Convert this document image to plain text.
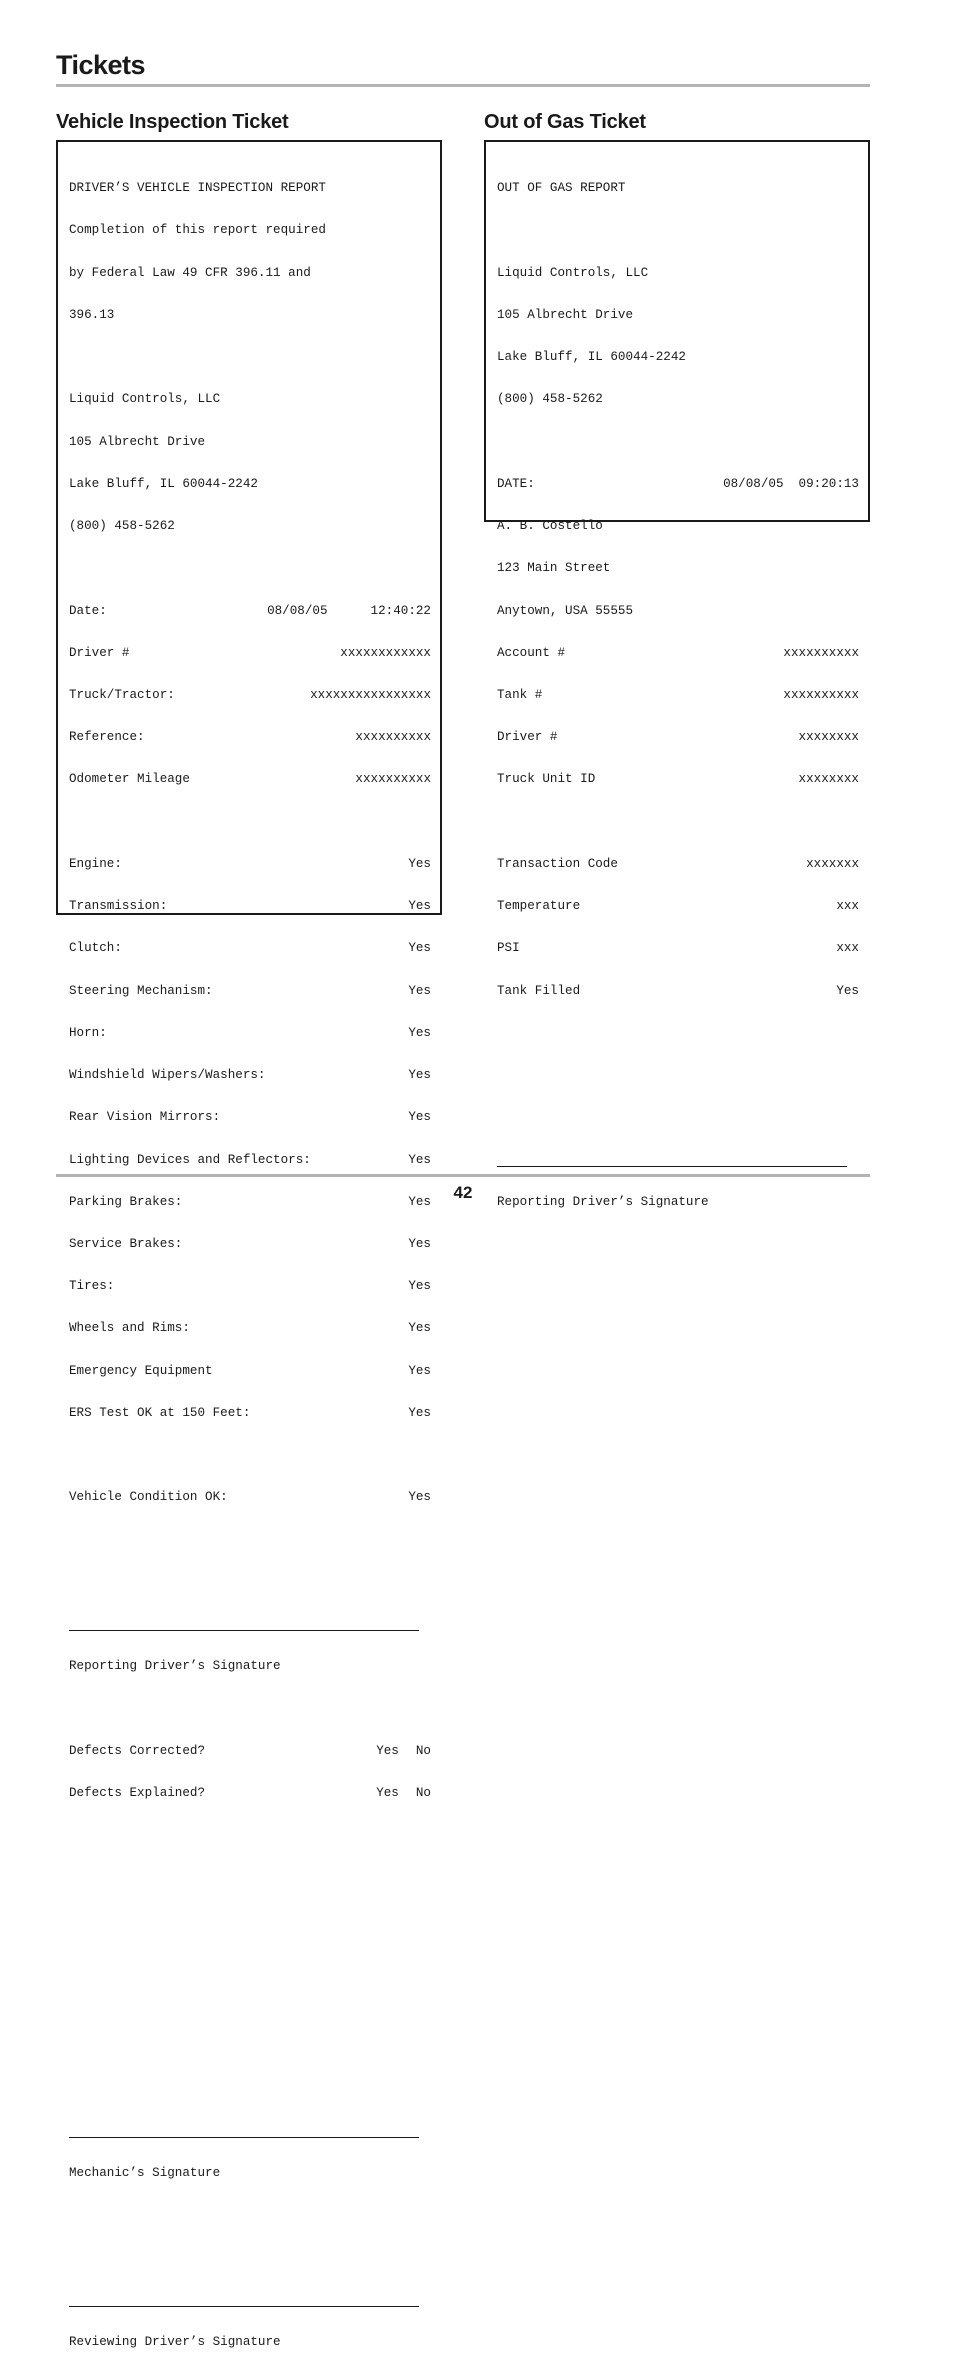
Tickets
Vehicle Inspection Ticket

DRIVER’S VEHICLE INSPECTION REPORT

Completion of this report required

by Federal Law 49 CFR 396.11 and

396.13

Liquid Controls, LLC

105 Albrecht Drive

Lake Bluff, IL 60044-2242

(800) 458-5262

Date:	08/08/05	12:40:22

Driver #	xxxxxxxxxxxx

Truck/Tractor:	xxxxxxxxxxxxxxxx

Reference:	xxxxxxxxxx

Odometer Mileage	xxxxxxxxxx

Engine:	Yes

Transmission:	Yes

Clutch:	Yes

Steering Mechanism:	Yes

Horn:	Yes

Windshield Wipers/Washers:	Yes

Rear Vision Mirrors:	Yes

Lighting Devices and Reflectors:	Yes

Parking Brakes:	Yes

Service Brakes:	Yes

Tires:	Yes

Wheels and Rims:	Yes

Emergency Equipment	Yes

ERS Test OK at 150 Feet:	Yes

Vehicle Condition OK:	Yes

Reporting Driver’s Signature

Defects Corrected?	Yes No

Defects Explained?	Yes No

Mechanic’s Signature

Reviewing Driver’s Signature

Out of Gas Ticket

OUT OF GAS REPORT

Liquid Controls, LLC

105 Albrecht Drive

Lake Bluff, IL 60044-2242

(800) 458-5262

DATE:	08/08/05 09:20:13

A. B. Costello

123 Main Street

Anytown, USA 55555

Account #	xxxxxxxxxx

Tank #	xxxxxxxxxx

Driver #	xxxxxxxx

Truck Unit ID	xxxxxxxx

Transaction Code	xxxxxxx

Temperature	xxx

PSI	xxx

Tank Filled	Yes

Reporting Driver’s Signature

42
